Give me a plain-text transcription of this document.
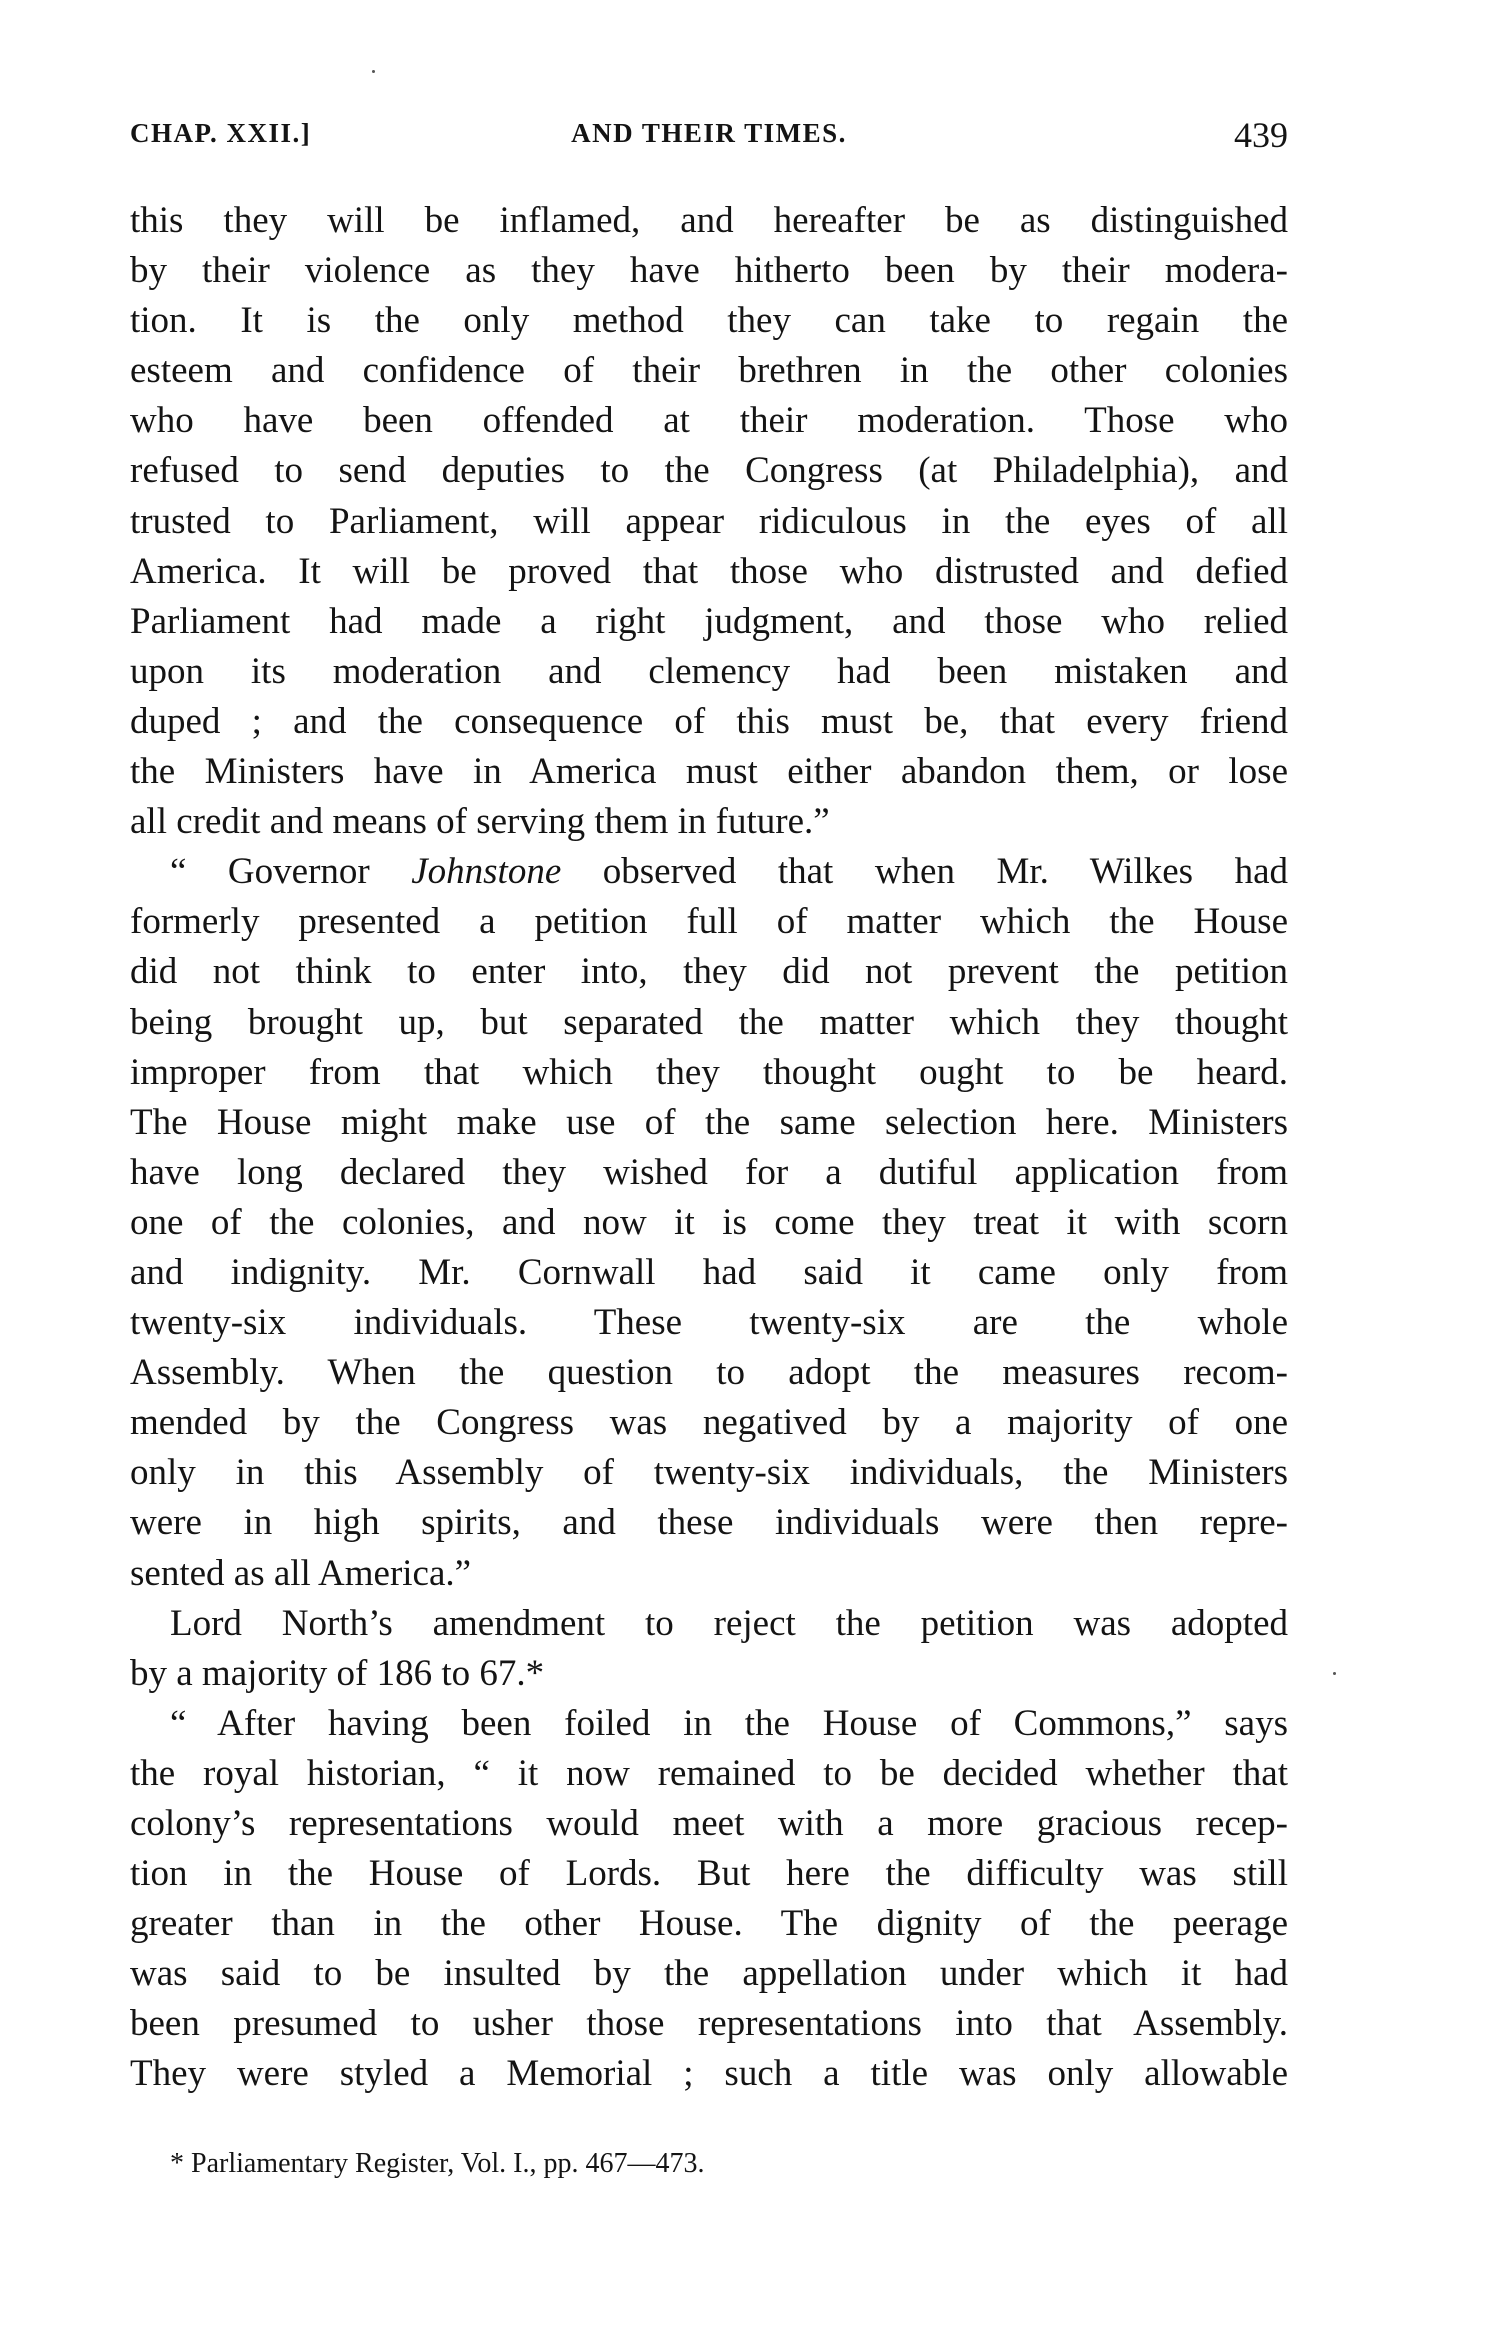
CHAP. XXII.]	AND THEIR TIMES.	439
this they will be inflamed, and hereafter be as distinguished
by their violence as they have hitherto been by their modera-
tion. It is the only method they can take to regain the
esteem and confidence of their brethren in the other colonies
who have been offended at their moderation. Those who
refused to send deputies to the Congress (at Philadelphia), and
trusted to Parliament, will appear ridiculous in the eyes of all
America. It will be proved that those who distrusted and defied
Parliament had made a right judgment, and those who relied
upon its moderation and clemency had been mistaken and
duped ; and the consequence of this must be, that every friend
the Ministers have in America must either abandon them, or lose
all credit and means of serving them in future.”
“ Governor Johnstone observed that when Mr. Wilkes had
formerly presented a petition full of matter which the House
did not think to enter into, they did not prevent the petition
being brought up, but separated the matter which they thought
improper from that which they thought ought to be heard.
The House might make use of the same selection here. Ministers
have long declared they wished for a dutiful application from
one of the colonies, and now it is come they treat it with scorn
and indignity. Mr. Cornwall had said it came only from
twenty-six individuals. These twenty-six are the whole
Assembly. When the question to adopt the measures recom-
mended by the Congress was negatived by a majority of one
only in this Assembly of twenty-six individuals, the Ministers
were in high spirits, and these individuals were then repre-
sented as all America.”
Lord North’s amendment to reject the petition was adopted
by a majority of 186 to 67.*
“ After having been foiled in the House of Commons,” says
the royal historian, “ it now remained to be decided whether that
colony’s representations would meet with a more gracious recep-
tion in the House of Lords. But here the difficulty was still
greater than in the other House. The dignity of the peerage
was said to be insulted by the appellation under which it had
been presumed to usher those representations into that Assembly.
They were styled a Memorial ; such a title was only allowable
* Parliamentary Register, Vol. I., pp. 467—473.
